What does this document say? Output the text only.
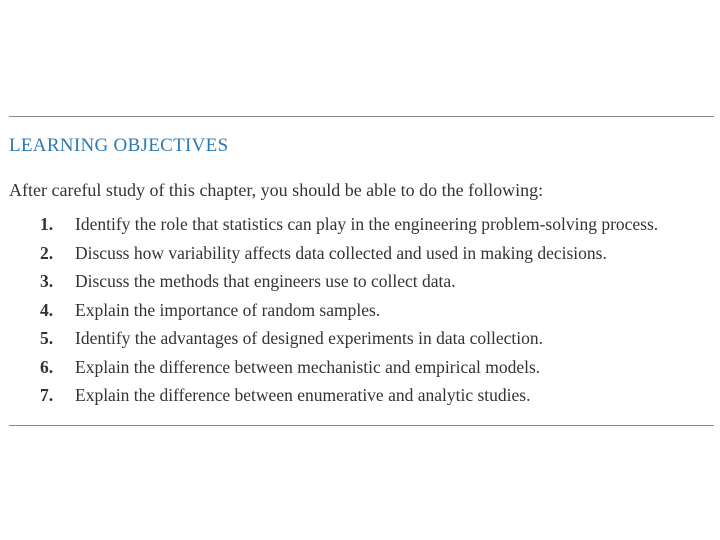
LEARNING OBJECTIVES
After careful study of this chapter, you should be able to do the following:
1.	Identify the role that statistics can play in the engineering problem-solving process.
2.	Discuss how variability affects data collected and used in making decisions.
3.	Discuss the methods that engineers use to collect data.
4.	Explain the importance of random samples.
5.	Identify the advantages of designed experiments in data collection.
6.	Explain the difference between mechanistic and empirical models.
7.	Explain the difference between enumerative and analytic studies.
